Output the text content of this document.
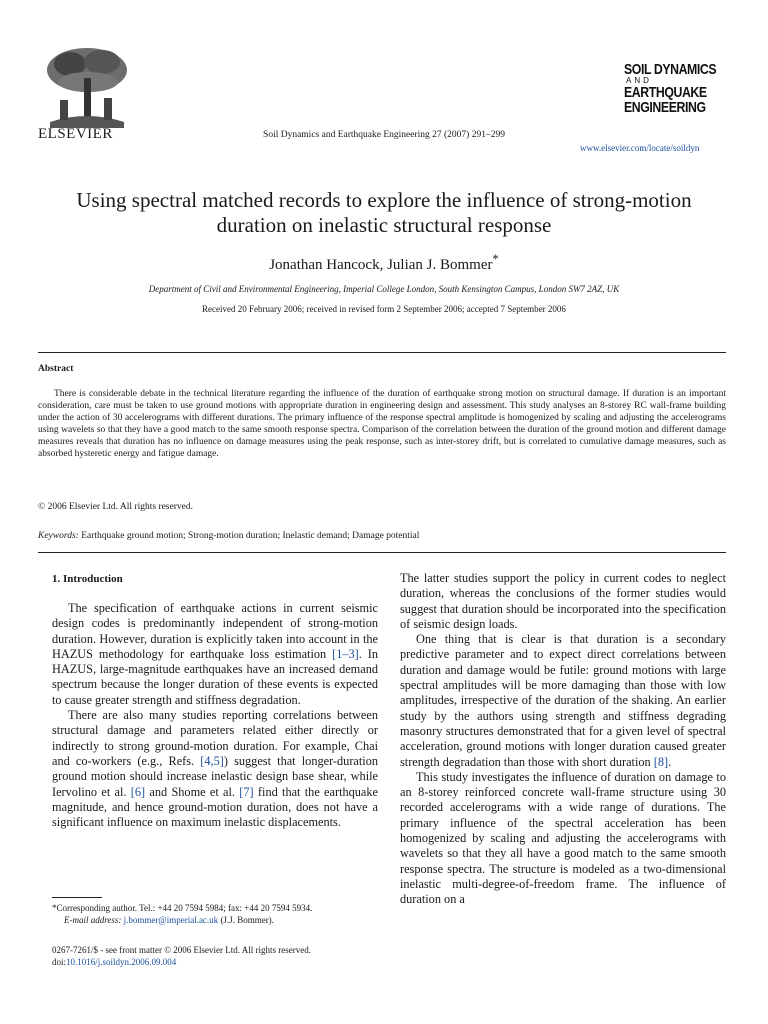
ELSEVIER	Soil Dynamics and Earthquake Engineering 27 (2007) 291–299
SOIL DYNAMICS
AND
EARTHQUAKE
ENGINEERING
www.elsevier.com/locate/soildyn
Using spectral matched records to explore the influence of strong-motion duration on inelastic structural response
Jonathan Hancock, Julian J. Bommer*
Department of Civil and Environmental Engineering, Imperial College London, South Kensington Campus, London SW7 2AZ, UK
Received 20 February 2006; received in revised form 2 September 2006; accepted 7 September 2006
Abstract
There is considerable debate in the technical literature regarding the influence of the duration of earthquake strong motion on structural damage. If duration is an important consideration, care must be taken to use ground motions with appropriate duration in engineering design and assessment. This study analyses an 8-storey RC wall-frame building under the action of 30 accelerograms with different durations. The primary influence of the response spectral amplitude is homogenized by scaling and adjusting the accelerograms using wavelets so that they have a good match to the same smooth response spectra. Comparison of the correlation between the duration of the ground motion and different damage measures reveals that duration has no influence on damage measures using the peak response, such as inter-storey drift, but is correlated to cumulative damage measures, such as absorbed hysteretic energy and fatigue damage.
© 2006 Elsevier Ltd. All rights reserved.
Keywords: Earthquake ground motion; Strong-motion duration; Inelastic demand; Damage potential
1. Introduction

The specification of earthquake actions in current seismic design codes is predominantly independent of strong-motion duration. However, duration is explicitly taken into account in the HAZUS methodology for earthquake loss estimation [1–3]. In HAZUS, large-magnitude earthquakes have an increased demand spectrum because the longer duration of these events is expected to cause greater strength and stiffness degradation.

There are also many studies reporting correlations between structural damage and parameters related either directly or indirectly to strong ground-motion duration. For example, Chai and co-workers (e.g., Refs. [4,5]) suggest that longer-duration ground motion should increase inelastic design base shear, while Iervolino et al. [6] and Shome et al. [7] find that the earthquake magnitude, and hence ground-motion duration, does not have a significant influence on maximum inelastic displacements.

*Corresponding author. Tel.: +44 20 7594 5984; fax: +44 20 7594 5934.
E-mail address: j.bommer@imperial.ac.uk (J.J. Bommer).
0267-7261/$ - see front matter © 2006 Elsevier Ltd. All rights reserved.
doi:10.1016/j.soildyn.2006.09.004

The latter studies support the policy in current codes to neglect duration, whereas the conclusions of the former studies would suggest that duration should be incorporated into the specification of seismic design loads.

One thing that is clear is that duration is a secondary predictive parameter and to expect direct correlations between duration and damage would be futile: ground motions with large spectral amplitudes will be more damaging than those with low amplitudes, irrespective of the duration of the shaking. An earlier study by the authors using strength and stiffness degrading masonry structures demonstrated that for a given level of spectral acceleration, ground motions with longer duration caused greater strength degradation than those with short duration [8].

This study investigates the influence of duration on damage to an 8-storey reinforced concrete wall-frame structure using 30 recorded accelerograms with a wide range of durations. The primary influence of the spectral acceleration has been homogenized by scaling and adjusting the accelerograms with wavelets so that they all have a good match to the same smooth response spectra. The structure is modeled as a two-dimensional inelastic multi-degree-of-freedom frame. The influence of duration on a
